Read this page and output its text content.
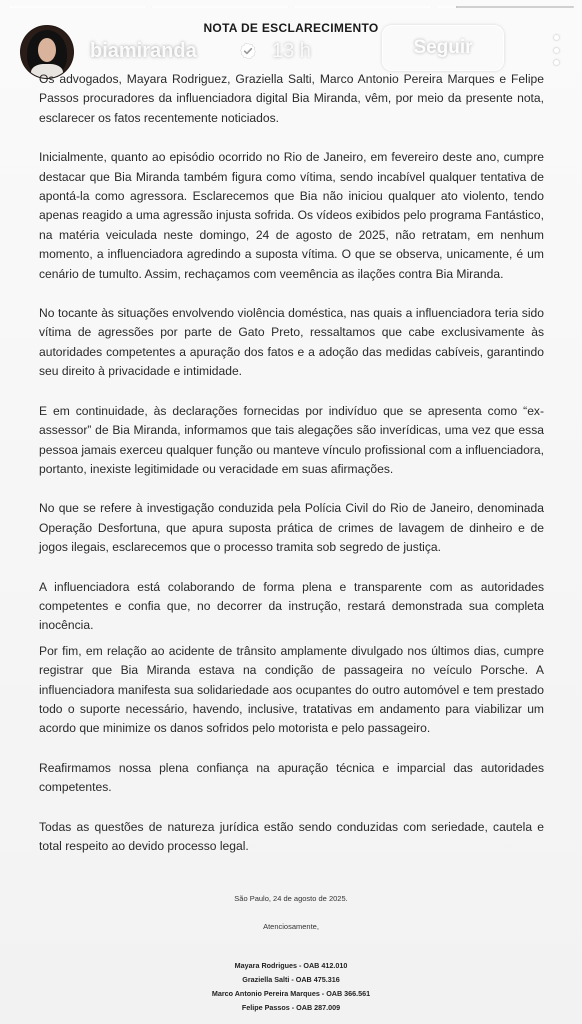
NOTA DE ESCLARECIMENTO
biamiranda	13 h	Seguir

Os advogados, Mayara Rodriguez, Graziella Salti, Marco Antonio Pereira Marques e Felipe Passos procuradores da influenciadora digital Bia Miranda, vêm, por meio da presente nota, esclarecer os fatos recentemente noticiados.

Inicialmente, quanto ao episódio ocorrido no Rio de Janeiro, em fevereiro deste ano, cumpre destacar que Bia Miranda também figura como vítima, sendo incabível qualquer tentativa de apontá-la como agressora. Esclarecemos que Bia não iniciou qualquer ato violento, tendo apenas reagido a uma agressão injusta sofrida. Os vídeos exibidos pelo programa Fantástico, na matéria veiculada neste domingo, 24 de agosto de 2025, não retratam, em nenhum momento, a influenciadora agredindo a suposta vítima. O que se observa, unicamente, é um cenário de tumulto. Assim, rechaçamos com veemência as ilações contra Bia Miranda.

No tocante às situações envolvendo violência doméstica, nas quais a influenciadora teria sido vítima de agressões por parte de Gato Preto, ressaltamos que cabe exclusivamente às autoridades competentes a apuração dos fatos e a adoção das medidas cabíveis, garantindo seu direito à privacidade e intimidade.

E em continuidade, às declarações fornecidas por indivíduo que se apresenta como “ex-assessor” de Bia Miranda, informamos que tais alegações são inverídicas, uma vez que essa pessoa jamais exerceu qualquer função ou manteve vínculo profissional com a influenciadora, portanto, inexiste legitimidade ou veracidade em suas afirmações.

No que se refere à investigação conduzida pela Polícia Civil do Rio de Janeiro, denominada Operação Desfortuna, que apura suposta prática de crimes de lavagem de dinheiro e de jogos ilegais, esclarecemos que o processo tramita sob segredo de justiça.

A influenciadora está colaborando de forma plena e transparente com as autoridades competentes e confia que, no decorrer da instrução, restará demonstrada sua completa inocência.

Por fim, em relação ao acidente de trânsito amplamente divulgado nos últimos dias, cumpre registrar que Bia Miranda estava na condição de passageira no veículo Porsche. A influenciadora manifesta sua solidariedade aos ocupantes do outro automóvel e tem prestado todo o suporte necessário, havendo, inclusive, tratativas em andamento para viabilizar um acordo que minimize os danos sofridos pelo motorista e pelo passageiro.

Reafirmamos nossa plena confiança na apuração técnica e imparcial das autoridades competentes.

Todas as questões de natureza jurídica estão sendo conduzidas com seriedade, cautela e total respeito ao devido processo legal.

São Paulo, 24 de agosto de 2025.
Atenciosamente,
Mayara Rodrigues - OAB 412.010
Graziella Salti - OAB 475.316
Marco Antonio Pereira Marques - OAB 366.561
Felipe Passos - OAB 287.009
